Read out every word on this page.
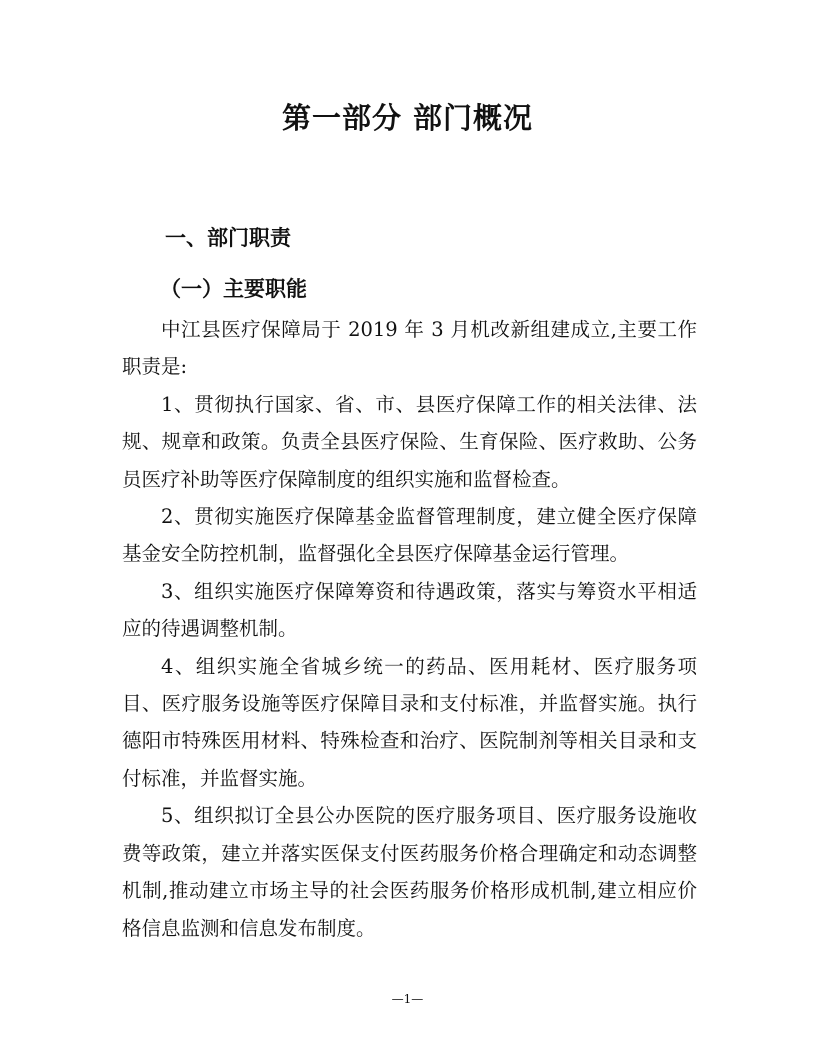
第一部分 部门概况
一、部门职责
（一）主要职能

中江县医疗保障局于 2019 年 3 月机改新组建成立,主要工作职责是:

1、贯彻执行国家、省、市、县医疗保障工作的相关法律、法规、规章和政策。负责全县医疗保险、生育保险、医疗救助、公务员医疗补助等医疗保障制度的组织实施和监督检查。

2、贯彻实施医疗保障基金监督管理制度，建立健全医疗保障基金安全防控机制，监督强化全县医疗保障基金运行管理。

3、组织实施医疗保障筹资和待遇政策，落实与筹资水平相适应的待遇调整机制。

4、组织实施全省城乡统一的药品、医用耗材、医疗服务项目、医疗服务设施等医疗保障目录和支付标准，并监督实施。执行德阳市特殊医用材料、特殊检查和治疗、医院制剂等相关目录和支付标准，并监督实施。

5、组织拟订全县公办医院的医疗服务项目、医疗服务设施收费等政策，建立并落实医保支付医药服务价格合理确定和动态调整机制,推动建立市场主导的社会医药服务价格形成机制,建立相应价格信息监测和信息发布制度。

—1—
